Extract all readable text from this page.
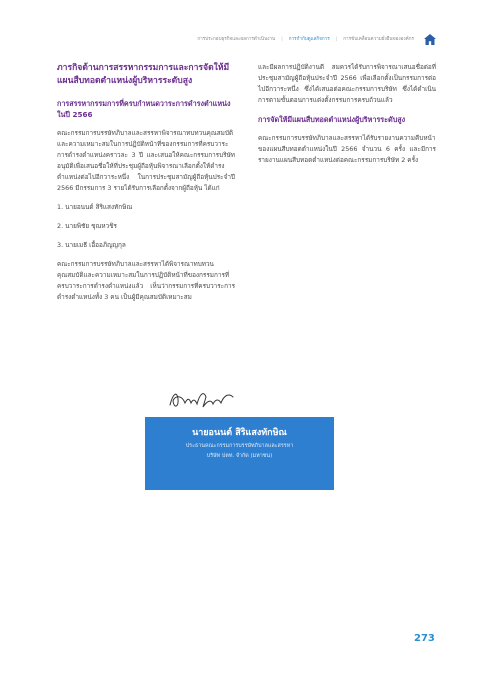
การประกอบธุรกิจและผลการดำเนินงาน | การกำกับดูแลกิจการ | การขับเคลื่อนความยั่งยืนขององค์กร
ภารกิจด้านการสรรหากรรมการและการจัดให้มีแผนสืบทอดตำแหน่งผู้บริหารระดับสูง
การสรรหากรรมการที่ครบกำหนดวาระการดำรงตำแหน่งในปี 2566

คณะกรรมการบรรษัทภิบาลและสรรหาพิจารณาทบทวนคุณสมบัติและความเหมาะสมในการปฏิบัติหน้าที่ของกรรมการที่ครบวาระการดำรงตำแหน่งคราวละ 3 ปี และเสนอให้คณะกรรมการบริษัทอนุมัติเพื่อเสนอชื่อให้ที่ประชุมผู้ถือหุ้นพิจารณาเลือกตั้งให้ดำรงตำแหน่งต่อไปอีกวาระหนึ่ง ในการประชุมสามัญผู้ถือหุ้นประจำปี 2566 มีกรรมการ 3 รายได้รับการเลือกตั้งจากผู้ถือหุ้น ได้แก่

1. นายอนนต์ สิริแสงทักษิณ
2. นายพิชัย ชุณหวชิร
3. นายเมธี เอื้ออภิญญกุล

คณะกรรมการบรรษัทภิบาลและสรรหาได้พิจารณาทบทวนคุณสมบัติและความเหมาะสมในการปฏิบัติหน้าที่ของกรรมการที่ครบวาระการดำรงตำแหน่งแล้ว เห็นว่ากรรมการที่ครบวาระการดำรงตำแหน่งทั้ง 3 คน เป็นผู้มีคุณสมบัติเหมาะสม

และมีผลการปฏิบัติงานดี สมควรได้รับการพิจารณาเสนอชื่อต่อที่ประชุมสามัญผู้ถือหุ้นประจำปี 2566 เพื่อเลือกตั้งเป็นกรรมการต่อไปอีกวาระหนึ่ง ซึ่งได้เสนอต่อคณะกรรมการบริษัท ซึ่งได้ดำเนินการตามขั้นตอนการแต่งตั้งกรรมการครบถ้วนแล้ว

การจัดให้มีแผนสืบทอดตำแหน่งผู้บริหารระดับสูง

คณะกรรมการบรรษัทภิบาลและสรรหาได้รับรายงานความคืบหน้าของแผนสืบทอดตำแหน่งในปี 2566 จำนวน 6 ครั้ง และมีการรายงานแผนสืบทอดตำแหน่งต่อคณะกรรมการบริษัท 2 ครั้ง

นายอนนต์ สิริแสงทักษิณ
ประธานคณะกรรมการบรรษัทภิบาลและสรรหา
บริษัท ปตท. จำกัด (มหาชน)
273
